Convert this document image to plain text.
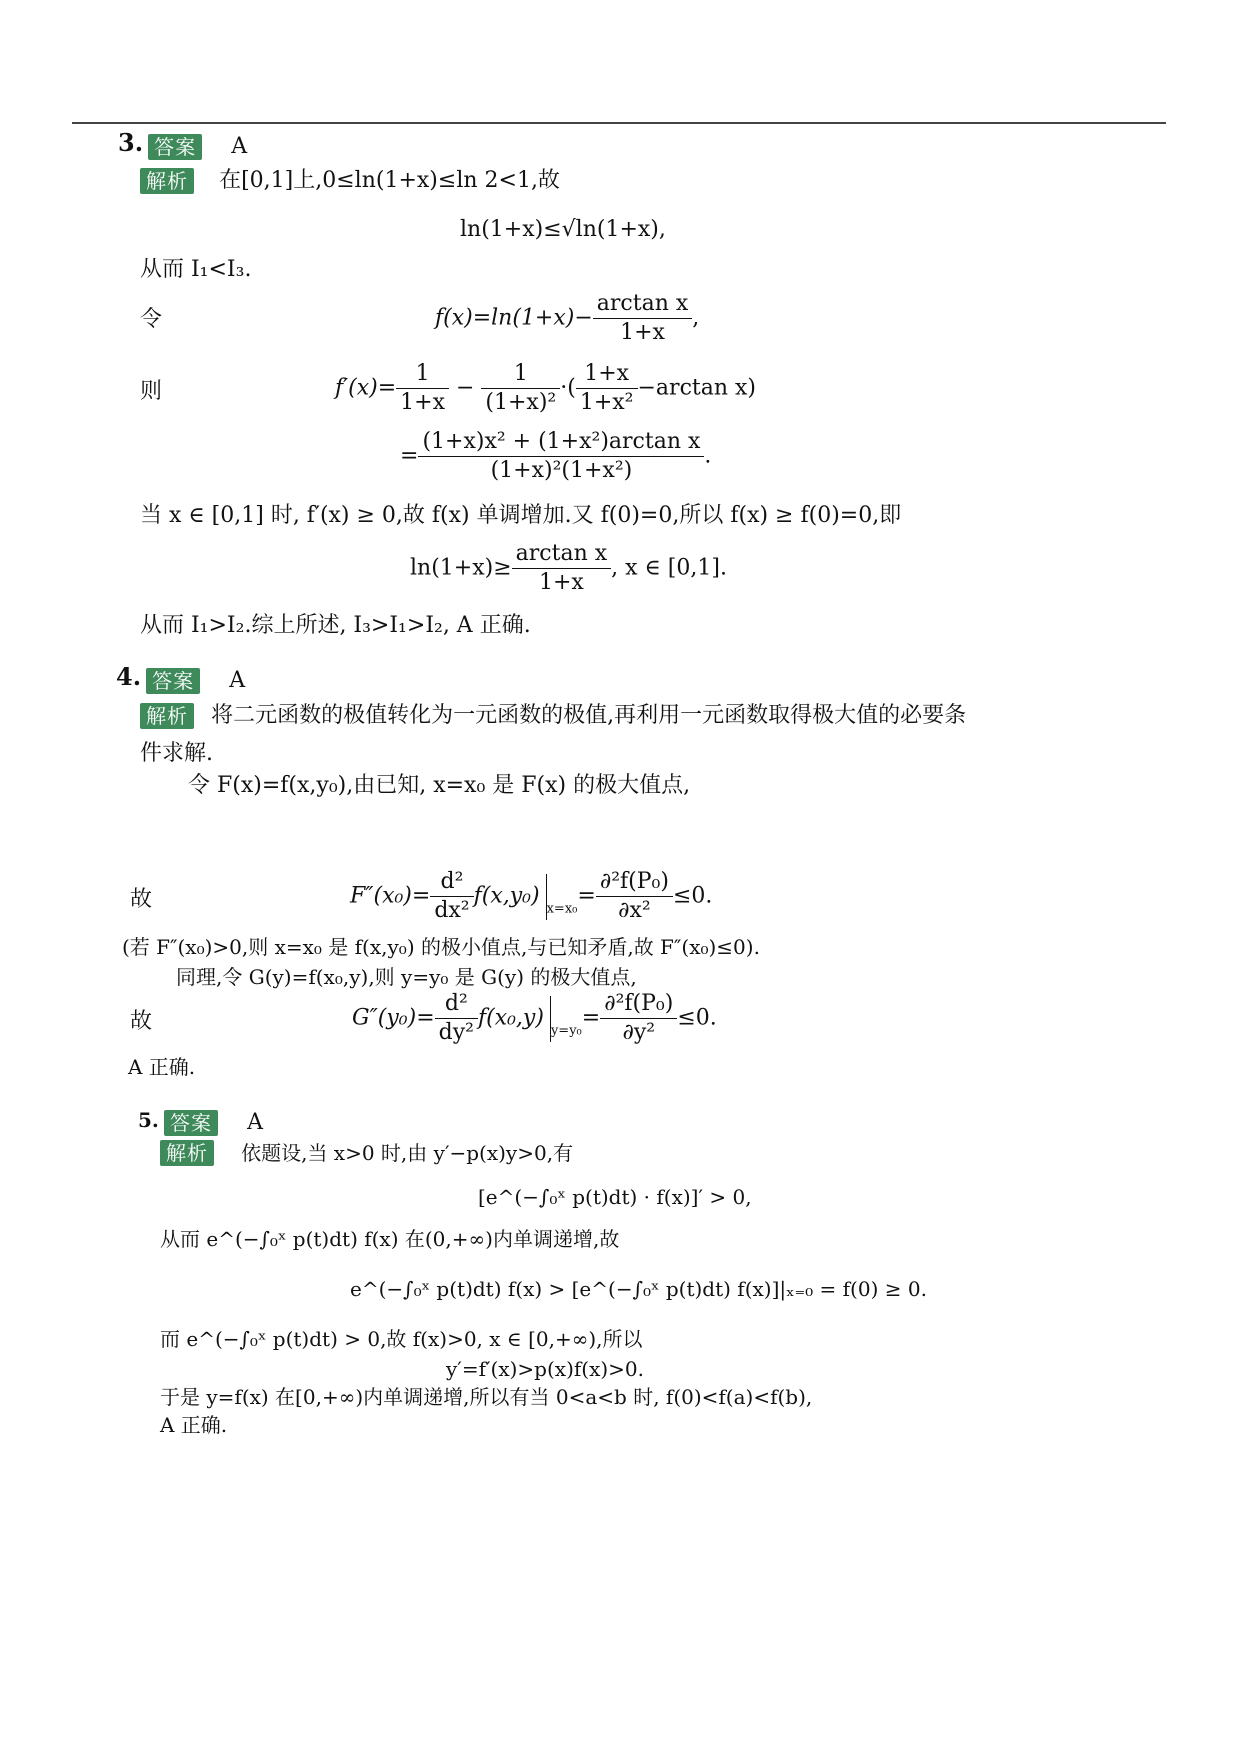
3. 答案 A
解析 在[0,1]上,0≤ln(1+x)≤ln 2<1,故
ln(1+x)≤√ln(1+x),
从而 I₁<I₃.
令	$f(x)=\ln(1+x)- \frac{\text{arctan x}}{1+x}$ ,
则	$f'(x)= \frac{1}{1+x} - \frac{1}{\text{(1+x)²}}$ ·( $\frac{1+x}{\text{1+x²}} -\arctan$ x)
= $\frac{\text{(1+x)x² + (1+x²)arctan x}}{\text{(1+x)²(1+x²)}}$ .
当 x ∈ [0,1] 时, f′(x) ≥ 0,故 f(x) 单调增加.又 f(0)=0,所以 f(x) ≥ f(0)=0,即
$\ln(1+x)\ge \frac{\text{arctan x}}{1+x}$ , x ∈ [0,1].
从而 I₁>I₂.综上所述, I₃>I₁>I₂, A 正确.
4. 答案 A
解析 将二元函数的极值转化为一元函数的极值,再利用一元函数取得极大值的必要条
件求解.
令 F(x)=f(x,y₀),由已知, x=x₀ 是 F(x) 的极大值点,
故	$F''(x_0)= \frac{\text{d²}}{\text{dx²}} f(x,y_0)_{x=x_0}= \frac{\text{∂²f(P₀)}}{\text{∂x²}} \le 0$.
(若 F″(x₀)>0,则 x=x₀ 是 f(x,y₀) 的极小值点,与已知矛盾,故 F″(x₀)≤0).
同理,令 G(y)=f(x₀,y),则 y=y₀ 是 G(y) 的极大值点,
故	$G''(y_0)= \frac{\text{d²}}{\text{dy²}} f(x_0,y)_{y=y_0}= \frac{\text{∂²f(P₀)}}{\text{∂y²}} \le 0$.
A 正确.
5. 答案 A
解析 依题设,当 x>0 时,由 y′−p(x)y>0,有
[e^(−∫₀ˣ p(t)dt) · f(x)]′ > 0,
从而 e^(−∫₀ˣ p(t)dt) f(x) 在(0,+∞)内单调递增,故
e^(−∫₀ˣ p(t)dt) f(x) > [e^(−∫₀ˣ p(t)dt) f(x)]|ₓ₌₀ = f(0) ≥ 0.
而 e^(−∫₀ˣ p(t)dt) > 0,故 f(x)>0, x ∈ [0,+∞),所以
y′=f′(x)>p(x)f(x)>0.
于是 y=f(x) 在[0,+∞)内单调递增,所以有当 0<a<b 时, f(0)<f(a)<f(b),
A 正确.
